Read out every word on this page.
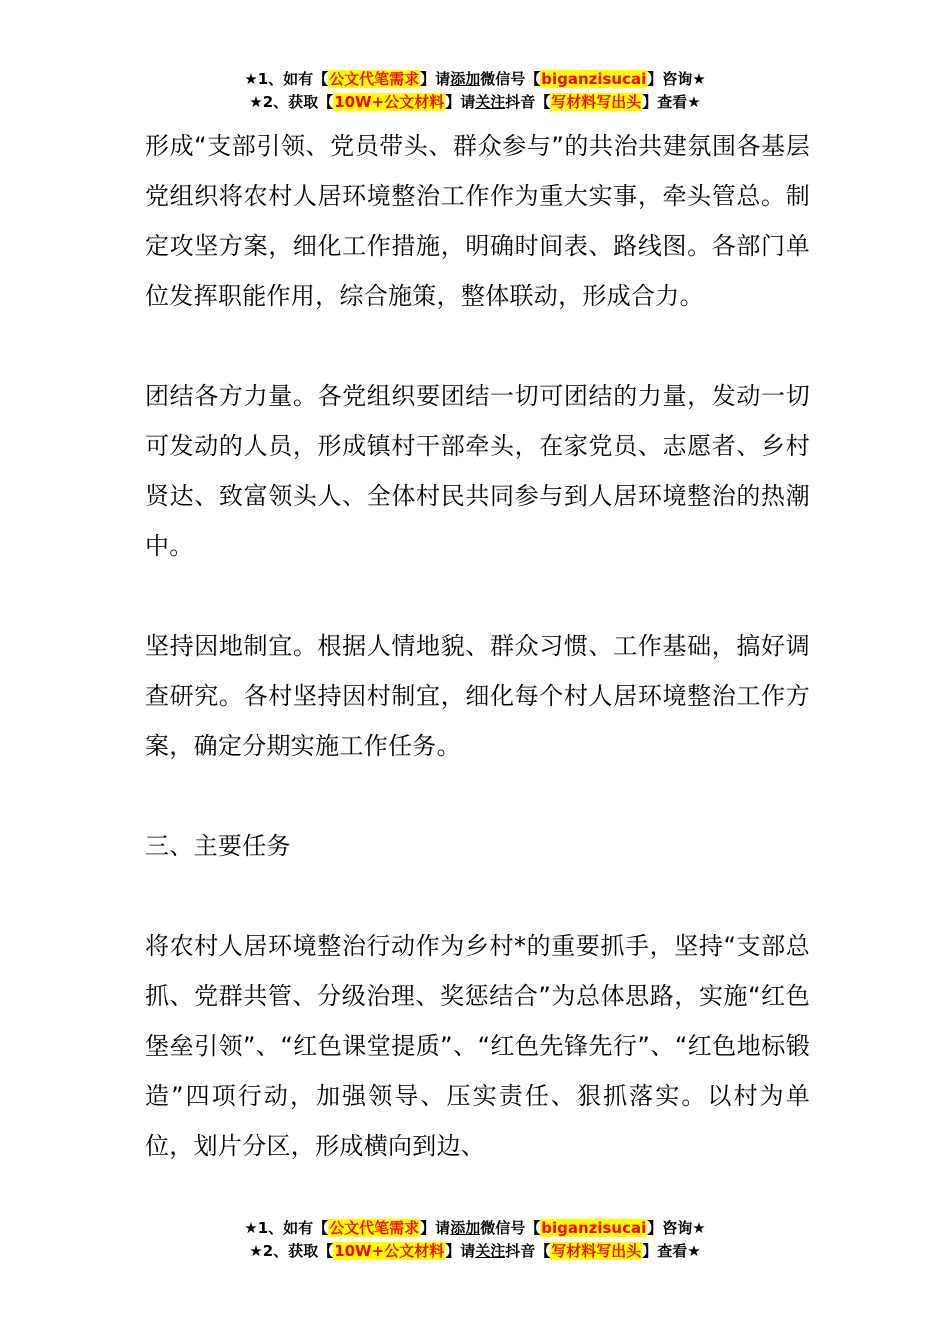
★1、如有【公文代笔需求】请添加微信号【biganzisucai】咨询★
★2、获取【10W+公文材料】请关注抖音【写材料写出头】查看★

形成“支部引领、党员带头、群众参与”的共治共建氛围各基层党组织将农村人居环境整治工作作为重大实事，牵头管总。制定攻坚方案，细化工作措施，明确时间表、路线图。各部门单位发挥职能作用，综合施策，整体联动，形成合力。

团结各方力量。各党组织要团结一切可团结的力量，发动一切可发动的人员，形成镇村干部牵头，在家党员、志愿者、乡村贤达、致富领头人、全体村民共同参与到人居环境整治的热潮中。

坚持因地制宜。根据人情地貌、群众习惯、工作基础，搞好调查研究。各村坚持因村制宜，细化每个村人居环境整治工作方案，确定分期实施工作任务。

三、主要任务

将农村人居环境整治行动作为乡村*的重要抓手，坚持“支部总抓、党群共管、分级治理、奖惩结合”为总体思路，实施“红色堡垒引领”、“红色课堂提质”、“红色先锋先行”、“红色地标锻造”四项行动，加强领导、压实责任、狠抓落实。以村为单位，划片分区，形成横向到边、

★1、如有【公文代笔需求】请添加微信号【biganzisucai】咨询★
★2、获取【10W+公文材料】请关注抖音【写材料写出头】查看★
